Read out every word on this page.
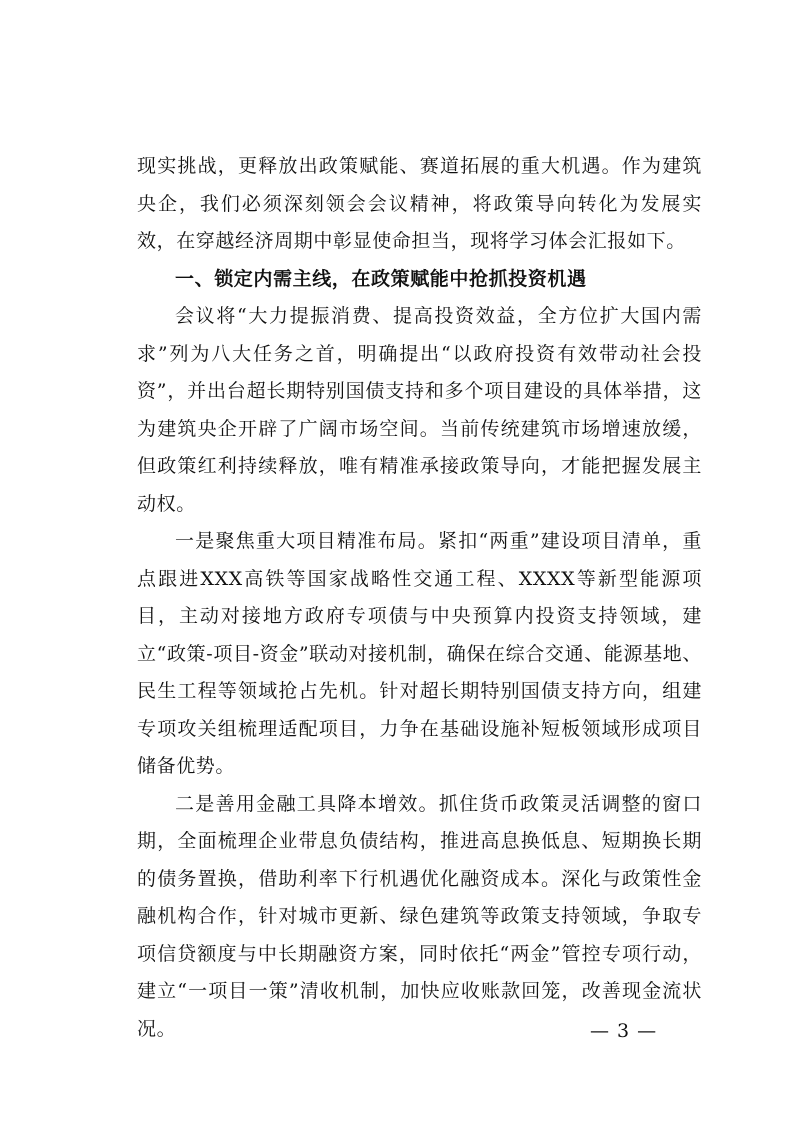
现实挑战，更释放出政策赋能、赛道拓展的重大机遇。作为建筑央企，我们必须深刻领会会议精神，将政策导向转化为发展实效，在穿越经济周期中彰显使命担当，现将学习体会汇报如下。

一、锁定内需主线，在政策赋能中抢抓投资机遇

会议将“大力提振消费、提高投资效益，全方位扩大国内需求”列为八大任务之首，明确提出“以政府投资有效带动社会投资”，并出台超长期特别国债支持和多个项目建设的具体举措，这为建筑央企开辟了广阔市场空间。当前传统建筑市场增速放缓，但政策红利持续释放，唯有精准承接政策导向，才能把握发展主动权。

一是聚焦重大项目精准布局。紧扣“两重”建设项目清单，重点跟进XXX高铁等国家战略性交通工程、XXXX等新型能源项目，主动对接地方政府专项债与中央预算内投资支持领域，建立“政策-项目-资金”联动对接机制，确保在综合交通、能源基地、民生工程等领域抢占先机。针对超长期特别国债支持方向，组建专项攻关组梳理适配项目，力争在基础设施补短板领域形成项目储备优势。

二是善用金融工具降本增效。抓住货币政策灵活调整的窗口期，全面梳理企业带息负债结构，推进高息换低息、短期换长期的债务置换，借助利率下行机遇优化融资成本。深化与政策性金融机构合作，针对城市更新、绿色建筑等政策支持领域，争取专项信贷额度与中长期融资方案，同时依托“两金”管控专项行动，建立“一项目一策”清收机制，加快应收账款回笼，改善现金流状况。	— 3 —
